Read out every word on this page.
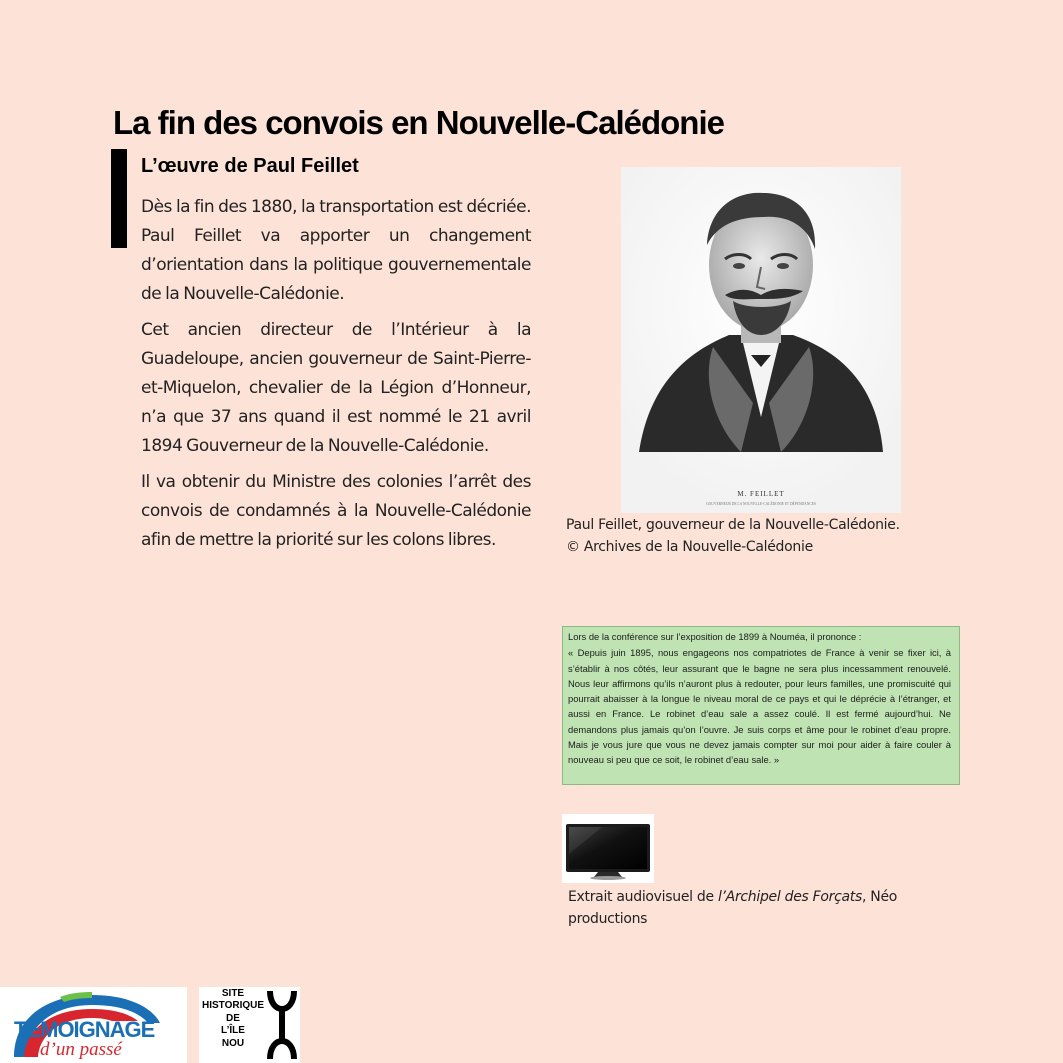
La fin des convois en Nouvelle-Calédonie
L’œuvre de Paul Feillet

Dès la fin des 1880, la transportation est décriée. Paul Feillet va apporter un changement d’orientation dans la politique gouvernementale de la Nouvelle-Calédonie.

Cet ancien directeur de l’Intérieur à la Guadeloupe, ancien gouverneur de Saint-Pierre-et-Miquelon, chevalier de la Légion d’Honneur, n’a que 37 ans quand il est nommé le 21 avril 1894 Gouverneur de la Nouvelle-Calédonie.

Il va obtenir du Ministre des colonies l’arrêt des convois de condamnés à la Nouvelle-Calédonie afin de mettre la priorité sur les colons libres.

M. FEILLET
GOUVERNEUR DE LA NOUVELLE-CALÉDONIE ET DÉPENDANCES
Paul Feillet, gouverneur de la Nouvelle-Calédonie.
© Archives de la Nouvelle-Calédonie

Lors de la conférence sur l’exposition de 1899 à Nouméa, il prononce :

« Depuis juin 1895, nous engageons nos compatriotes de France à venir se fixer ici, à s’établir à nos côtés, leur assurant que le bagne ne sera plus incessamment renouvelé. Nous leur affirmons qu’ils n’auront plus à redouter, pour leurs familles, une promiscuité qui pourrait abaisser à la longue le niveau moral de ce pays et qui le déprécie à l’étranger, et aussi en France. Le robinet d’eau sale a assez coulé. Il est fermé aujourd’hui. Ne demandons plus jamais qu’on l’ouvre. Je suis corps et âme pour le robinet d’eau propre. Mais je vous jure que vous ne devez jamais compter sur moi pour aider à faire couler à nouveau si peu que ce soit, le robinet d’eau sale. »

Extrait audiovisuel de l’Archipel des Forçats, Néo productions
TÉMOIGNAGE
d’un passé
SITE
HISTORIQUE
DE
L’ÎLE
NOU
